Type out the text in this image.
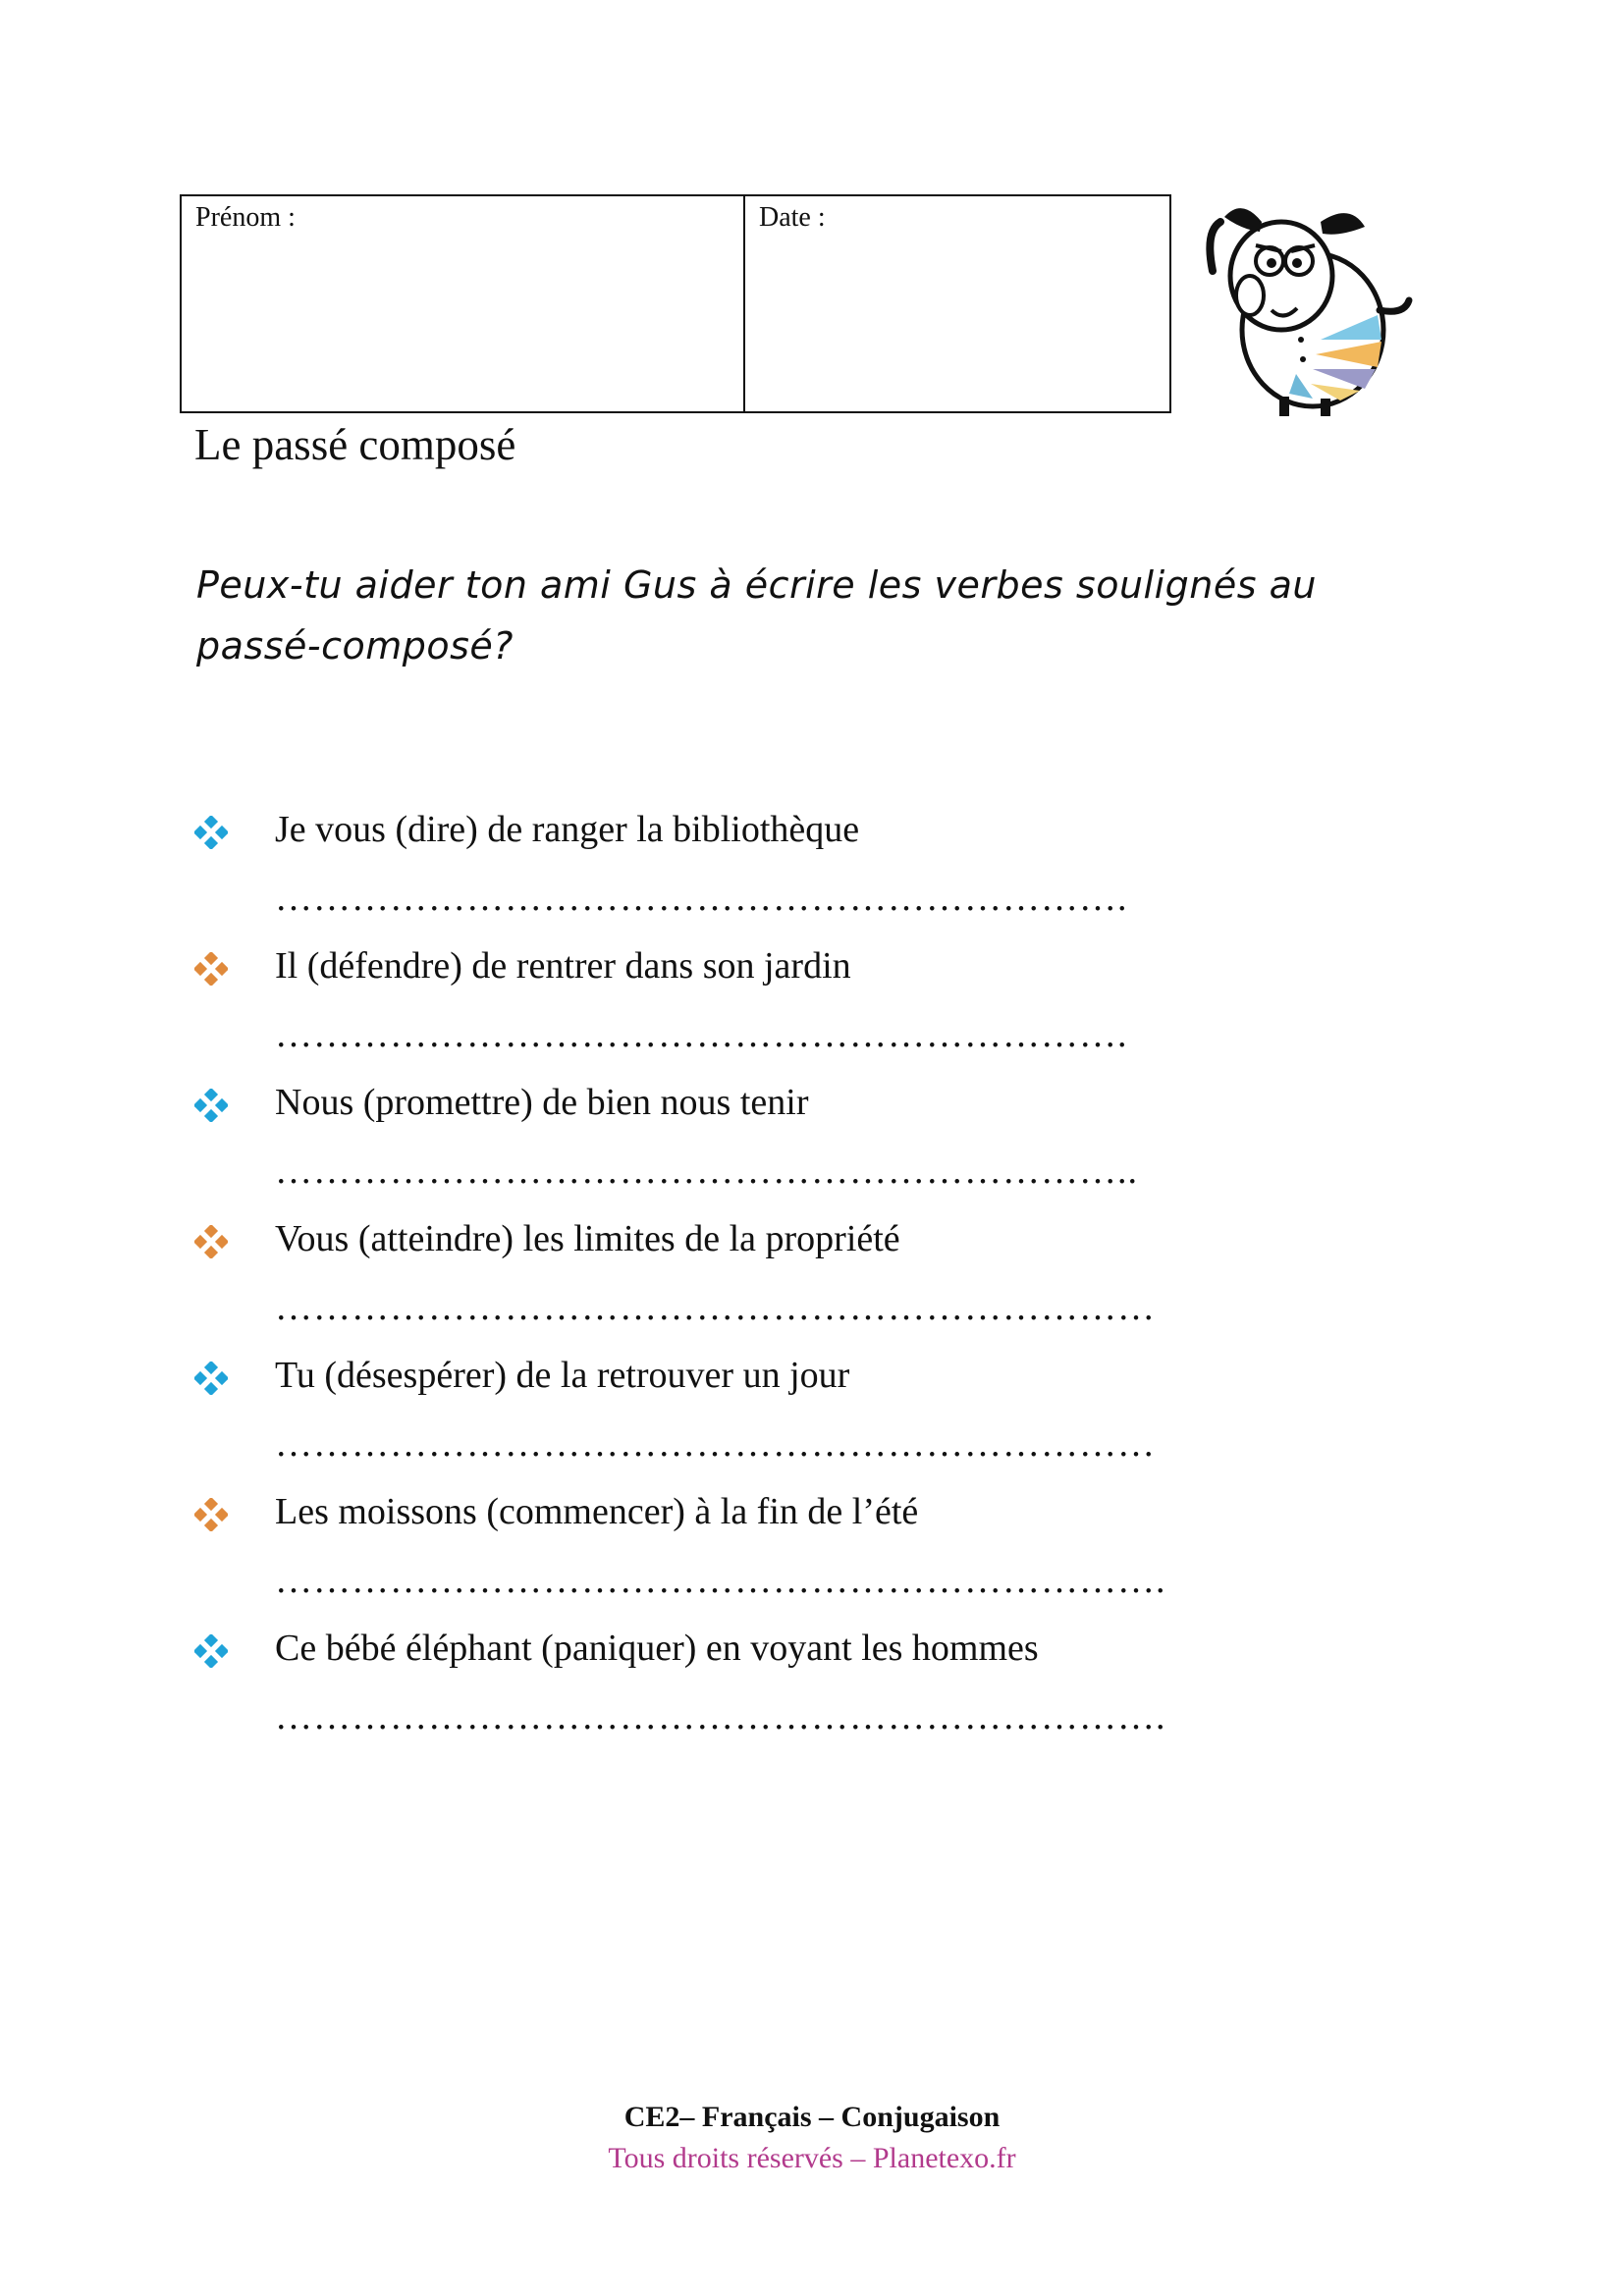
Prénom :	Date :
Le passé composé
Peux-tu aider ton ami Gus à écrire les verbes soulignés au
passé-composé?
Je vous (dire) de ranger la bibliothèque
………………………………………………………….
Il (défendre) de rentrer dans son jardin
………………………………………………………….
Nous (promettre) de bien nous tenir
…………………………………………………………..
Vous (atteindre) les limites de la propriété
……………………………………………………………
Tu (désespérer) de la retrouver un jour
……………………………………………………………
Les moissons (commencer) à la fin de l’été
…………………………………………………………….
Ce bébé éléphant (paniquer) en voyant les hommes
…………………………………………………………….
CE2– Français – Conjugaison
Tous droits réservés – Planetexo.fr
